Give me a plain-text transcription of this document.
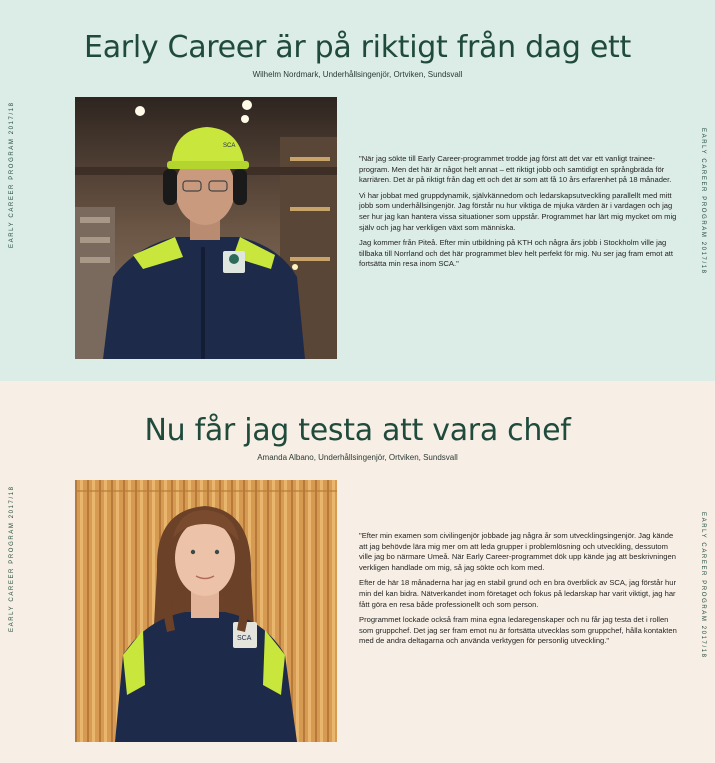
Early Career är på riktigt från dag ett

Wilhelm Nordmark, Underhållsingenjör, Ortviken, Sundsvall

EARLY CAREER PROGRAM 2017/18	EARLY CAREER PROGRAM 2017/18
SCA

"När jag sökte till Early Career-programmet trodde jag först att det var ett vanligt trainee-program. Men det här är något helt annat – ett riktigt jobb och samtidigt en språngbräda för karriären. Det är på riktigt från dag ett och det är som att få 10 års erfarenhet på 18 månader.

Vi har jobbat med gruppdynamik, självkännedom och ledarskapsutveckling parallellt med mitt jobb som underhållsingenjör. Jag förstår nu hur viktiga de mjuka värden är i vardagen och jag ser hur jag kan hantera vissa situationer som uppstår. Programmet har lärt mig mycket om mig själv och jag har verkligen växt som människa.

Jag kommer från Piteå. Efter min utbildning på KTH och några års jobb i Stockholm ville jag tillbaka till Norrland och det här programmet blev helt perfekt för mig. Nu ser jag fram emot att fortsätta min resa inom SCA."

Nu får jag testa att vara chef

Amanda Albano, Underhållsingenjör, Ortviken, Sundsvall

EARLY CAREER PROGRAM 2017/18	EARLY CAREER PROGRAM 2017/18
SCA

"Efter min examen som civilingenjör jobbade jag några år som utvecklingsingenjör. Jag kände att jag behövde lära mig mer om att leda grupper i problemlösning och utveckling, dessutom ville jag bo närmare Umeå. När Early Career-programmet dök upp kände jag att beskrivningen verkligen handlade om mig, så jag sökte och kom med.

Efter de här 18 månaderna har jag en stabil grund och en bra överblick av SCA, jag förstår hur min del kan bidra. Nätverkandet inom företaget och fokus på ledarskap har varit viktigt, jag har fått göra en resa både professionellt och som person.

Programmet lockade också fram mina egna ledaregenskaper och nu får jag testa det i rollen som gruppchef. Det jag ser fram emot nu är fortsätta utvecklas som gruppchef, hålla kontakten med de andra deltagarna och använda verktygen för personlig utveckling."
